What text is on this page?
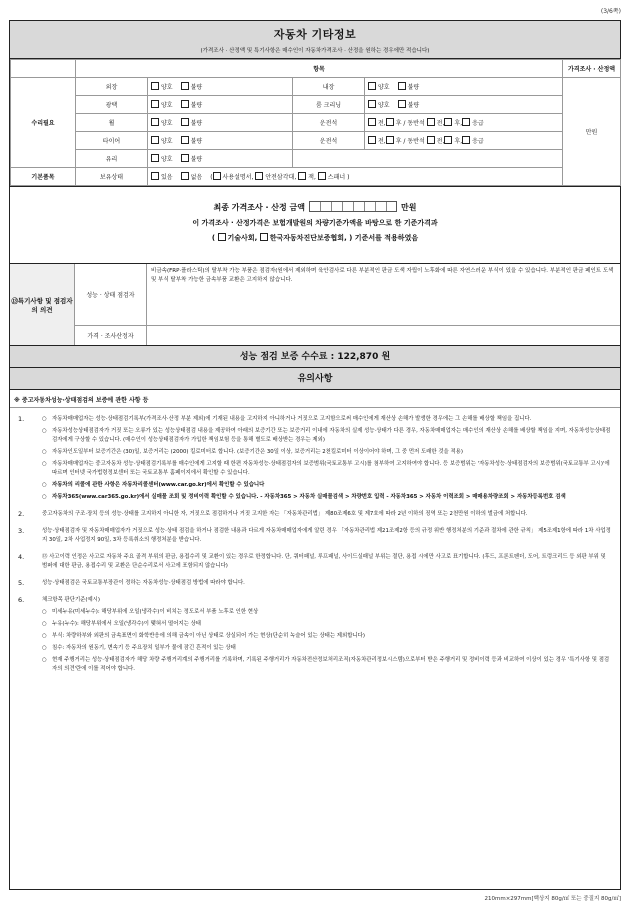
(3/6쪽)
자동차 기타정보
(가격조사 · 산정액 및 특기사항은 매수인이 자동차가격조사 · 산정을 원하는 경우에만 적습니다)
	항목				가격조사 · 산정액
수리필요	외장	양호 불량	내장	양호 불량	만원
	광택	양호 불량	룸 크리닝	양호 불량	
	휠	양호 불량	운전석	전, 후 / 동반석 전, 후, 응급	
	타이어	양호 불량	운전석	전, 후 / 동반석 전, 후, 응급	
	유리	양호 불량			
기본품목	보유상태	있음 없음 ( 사용설명서, 안전삼각대, 잭, 스패너 )			
최종 가격조사 · 산정 금액	만원
이 가격조사 · 산정가격은 보험개발원의 차량기준가액을 바탕으로 한 기준가격과
( 기술사회, 한국자동차진단보증협회, ) 기준서를 적용하였음
⑬특기사항 및 점검자의 의견
성능 · 상태 점검자
비금속(FRP·플라스틱)의 탈부착 가능 부품은 점검자(원에서 제외하며 육안검사로 다른 부분적인 판금 도색 자립이 노후화에 따른 자연스러운 부식이 있을 수 있습니다. 부분적인 판금 페인트 도색 및 부식 탈부착 가능한 금속부품 교환은 고지하지 않습니다.
가격 · 조사산정자
성능 점검 보증 수수료 : 122,870 원
유의사항
※ 중고자동차성능·상태점검의 보증에 관한 사항 등
1.	○ 자동차매매업자는 성능·상태점검기록부(가격조사·산정 부분 제외)에 기재된 내용을 고지하지 아니하거나 거짓으로 고지함으로써 매수인에게 재산상 손해가 발생한 경우에는 그 손해를 배상할 책임을 집니다.
○ 자동차성능상태점검자가 거짓 또는 오류가 있는 성능상태점검 내용을 제공하여 아래의 보증기간 또는 보증거리 이내에 자동차의 실제 성능·상태가 다른 경우, 자동차매매업자는 매수인의 재산상 손해를 배상할 책임을 지며, 자동차성능상태점검자에게 구상할 수 있습니다. (매수인이 성능상태점검자가 가입한 책임보험 등을 통해 별도로 배상받는 경우는 제외)
○ 자동차인도일부터 보증기간은 (30)일, 보증거리는 (2000) 킬로미터로 합니다. (보증기간은 30일 이상, 보증거리는 2천킬로미터 이상이어야 하며, 그 중 먼저 도래한 것을 적용)
○ 자동차매매업자는 중고자동차 성능·상태점검기록부를 매수인에게 고지할 때 한편 자동차성능·상태점검자의 보증범위(국토교통부 고시)를 첨부하여 고지하여야 합니다. 등 보증범위는 '자동차성능·상태점검자의 보증범위(국토교통부 고시)'에 따르며 인터넷 국가법령정보센터 또는 국토교통부 홈페이지에서 확인할 수 있습니다.
○ 자동차의 리콜에 관한 사항은 자동차리콜센터(www.car.go.kr)에서 확인할 수 있습니다
○ 자동차365(www.car365.go.kr)에서 실매물 조회 및 정비이력 확인할 수 있습니다. - 자동차365 > 자동차 실매물검색 > 차량번호 입력 - 자동차365 > 자동차 이력조회 > 매매용차량조회 > 자동차등록번호 검색
2.	중고자동차의 구조·장치 등의 성능·상태를 고지하지 아니한 자, 거짓으로 점검하거나 거짓 고지한 자는 「자동차관리법」 제80조제6호 및 제7호에 따라 2년 이하의 징역 또는 2천만원 이하의 벌금에 처합니다.
3.	성능·상태점검자 및 자동차매매업자가 거짓으로 성능·상태 점검을 하거나 점검한 내용과 다르게 자동차매매업자에게 알린 경우 「자동차관리법 제21조제2항 등의 규정 위반 행정처분의 기준과 절차에 관한 규칙」 제5조제1항에 따라 1차 사업정지 30일, 2차 사업정지 90일, 3차 등록취소의 행정처분을 받습니다.
4.	⑬ 사고이력 인정은 사고로 자동차 주요 골격 부위의 판금, 용접수리 및 교환이 있는 경우로 한정합니다. 단, 쿼터패널, 루프패널, 사이드실패널 부위는 절단, 용접 시에만 사고로 표기합니다. (후드, 프론트펜더, 도어, 트렁크리드 등 외판 부위 및 범퍼에 대한 판금, 용접수리 및 교환은 단순수리로서 사고에 포함되지 않습니다)
5.	성능·상태점검은 국토교통부장관이 정하는 자동차성능·상태점검 방법에 따라야 합니다.
6.	체크항목 판단기준(예시)
○ 미세누유(미세누수): 해당부위에 오일(냉각수)이 비치는 정도로서 부품 노후로 인한 현상
○ 누유(누수): 해당부위에서 오일(냉각수)이 맺혀서 떨어지는 상태
○ 부식: 차량하부와 외판의 금속표면이 화학반응에 의해 금속이 아닌 상태로 상실되어 가는 현상(단순히 녹슬어 있는 상태는 제외합니다)
○ 침수: 자동차의 원동기, 변속기 등 주요장치 일부가 물에 잠긴 흔적이 있는 상태
○ 현재 주행거리는 성능·상태점검자가 해당 차량 주행거리계의 주행거리를 기록하며, 기록된 주행거리가 자동차전산정보처리조직(자동차관리정보시스템)으로부터 받은 주행거리 및 정비이력 등과 비교하여 이상이 있는 경우 '특기사항 및 점검자의 의견'란에 이를 적어야 합니다.
210mm×297mm[백상지 80g/㎡ 또는 중질지 80g/㎡]
